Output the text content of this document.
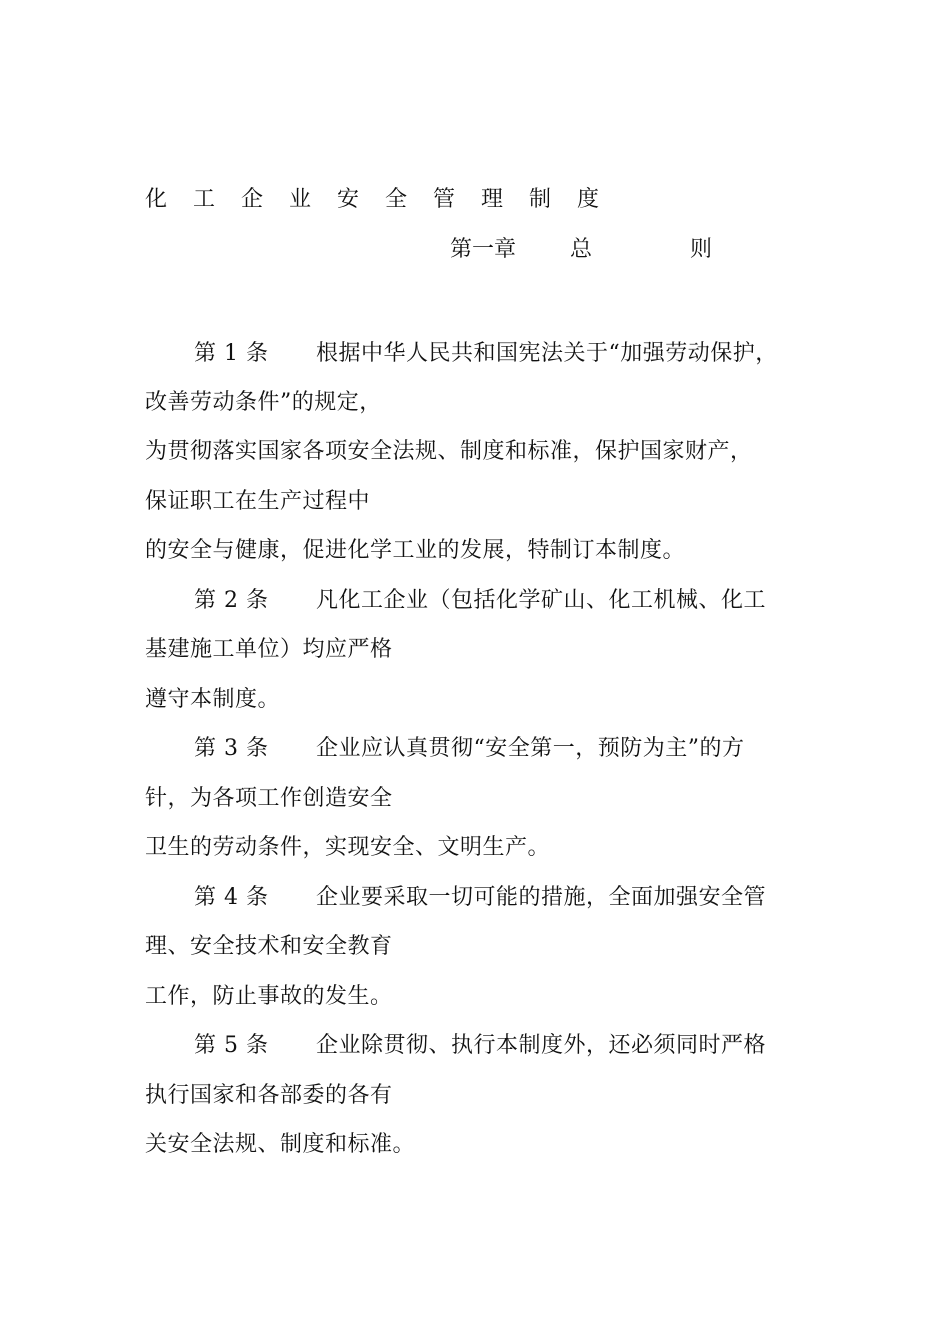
化 工 企 业 安 全 管 理 制 度
第一章 总	则
第 1 条 根据中华人民共和国宪法关于“加强劳动保护，
改善劳动条件”的规定，
为贯彻落实国家各项安全法规、制度和标准，保护国家财产，
保证职工在生产过程中
的安全与健康，促进化学工业的发展，特制订本制度。
第 2 条 凡化工企业（包括化学矿山、化工机械、化工
基建施工单位）均应严格
遵守本制度。
第 3 条 企业应认真贯彻“安全第一，预防为主”的方
针，为各项工作创造安全
卫生的劳动条件，实现安全、文明生产。
第 4 条 企业要采取一切可能的措施，全面加强安全管
理、安全技术和安全教育
工作，防止事故的发生。
第 5 条 企业除贯彻、执行本制度外，还必须同时严格
执行国家和各部委的各有
关安全法规、制度和标准。
